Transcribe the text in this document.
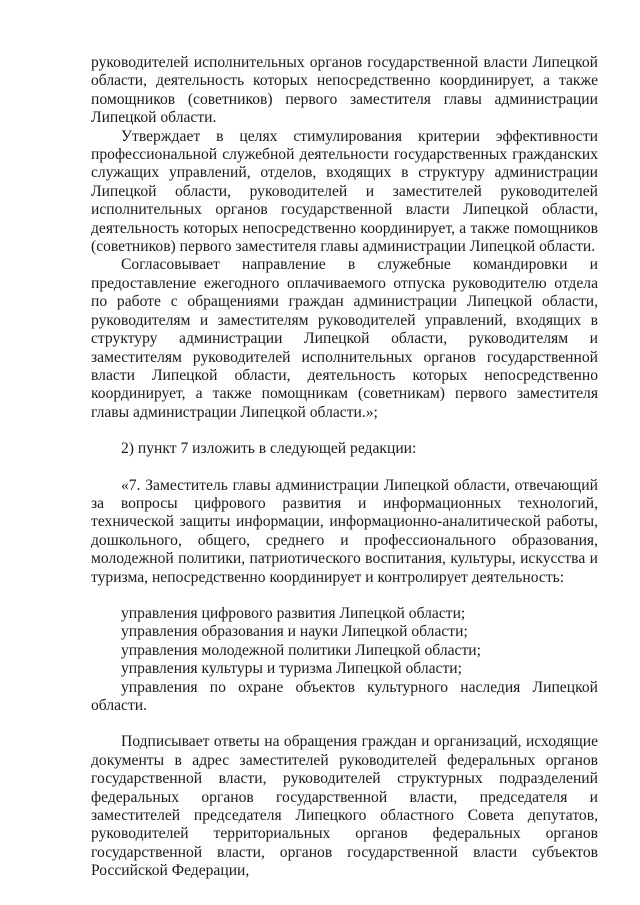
руководителей исполнительных органов государственной власти Липецкой области, деятельность которых непосредственно координирует, а также помощников (советников) первого заместителя главы администрации Липецкой области.

Утверждает в целях стимулирования критерии эффективности профессиональной служебной деятельности государственных гражданских служащих управлений, отделов, входящих в структуру администрации Липецкой области, руководителей и заместителей руководителей исполнительных органов государственной власти Липецкой области, деятельность которых непосредственно координирует, а также помощников (советников) первого заместителя главы администрации Липецкой области.

Согласовывает направление в служебные командировки и предоставление ежегодного оплачиваемого отпуска руководителю отдела по работе с обращениями граждан администрации Липецкой области, руководителям и заместителям руководителей управлений, входящих в структуру администрации Липецкой области, руководителям и заместителям руководителей исполнительных органов государственной власти Липецкой области, деятельность которых непосредственно координирует, а также помощникам (советникам) первого заместителя главы администрации Липецкой области.»;

2) пункт 7 изложить в следующей редакции:

«7. Заместитель главы администрации Липецкой области, отвечающий за вопросы цифрового развития и информационных технологий, технической защиты информации, информационно-аналитической работы, дошкольного, общего, среднего и профессионального образования, молодежной политики, патриотического воспитания, культуры, искусства и туризма, непосредственно координирует и контролирует деятельность:

управления цифрового развития Липецкой области;

управления образования и науки Липецкой области;

управления молодежной политики Липецкой области;

управления культуры и туризма Липецкой области;

управления по охране объектов культурного наследия Липецкой области.

Подписывает ответы на обращения граждан и организаций, исходящие документы в адрес заместителей руководителей федеральных органов государственной власти, руководителей структурных подразделений федеральных органов государственной власти, председателя и заместителей председателя Липецкого областного Совета депутатов, руководителей территориальных органов федеральных органов государственной власти, органов государственной власти субъектов Российской Федерации,
